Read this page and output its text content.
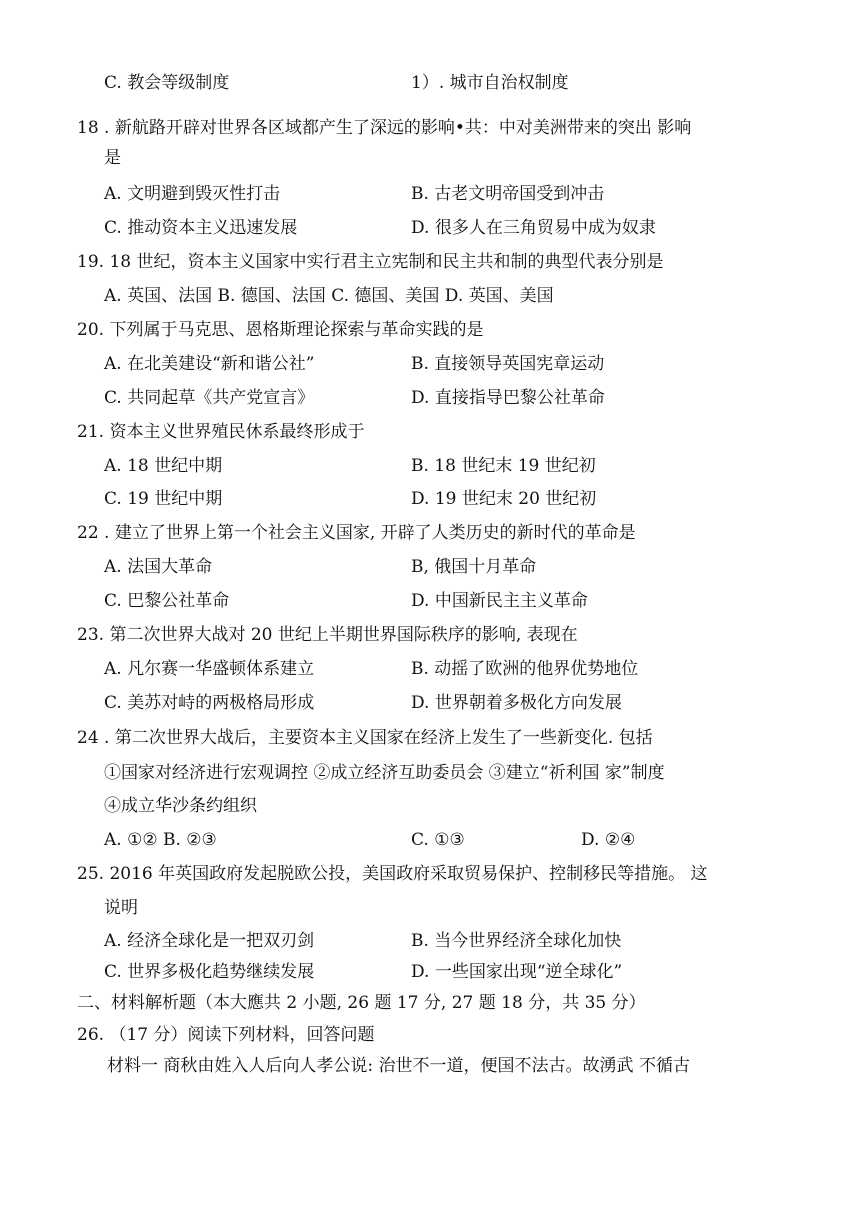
C. 教会等级制度	1）. 城市自治权制度
18 . 新航路开辟对世界各区域都产生了深远的影响•共：中对美洲带来的突出 影响
是
A. 文明避到毁灭性打击	B. 古老文明帝国受到冲击
C. 推动资本主义迅速发展	D. 很多人在三角贸易中成为奴隶
19. 18 世纪，资本主义国家中实行君主立宪制和民主共和制的典型代表分别是
A. 英国、法国 B. 德国、法国 C. 德国、美国 D. 英国、美国
20. 下列属于马克思、恩格斯理论探索与革命实践的是
A. 在北美建设“新和谐公社”	B. 直接领导英国宪章运动
C. 共同起草《共产党宣言》	D. 直接指导巴黎公社革命
21. 资本主义世界殖民休系最终形成于
A. 18 世纪中期	B. 18 世纪末 19 世纪初
C. 19 世纪中期	D. 19 世纪末 20 世纪初
22 . 建立了世界上第一个社会主义国家, 开辟了人类历史的新时代的革命是
A. 法国大革命	B, 俄国十月革命
C. 巴黎公社革命	D. 中国新民主主义革命
23. 第二次世界大战对 20 世纪上半期世界国际秩序的影响, 表现在
A. 凡尔赛一华盛顿体系建立	B. 动摇了欧洲的他界优势地位
C. 美苏对峙的两极格局形成	D. 世界朝着多极化方向发展
24 . 第二次世界大战后，主要资本主义国家在经济上发生了一些新变化. 包括
①国家对经济进行宏观调控 ②成立经济互助委员会 ③建立“祈利国 家”制度
④成立华沙条约组织
A. ①② B. ②③	C. ①③	D. ②④
25. 2016 年英国政府发起脱欧公投，美国政府采取贸易保护、控制移民等措施。 这
说明
A. 经济全球化是一把双刃剑	B. 当今世界经济全球化加快
C. 世界多极化趋势继续发展	D. 一些国家出现“逆全球化”
二、材料解析题（本大應共 2 小题, 26 题 17 分, 27 题 18 分，共 35 分）
26. （17 分）阅读下列材料，回答问题
材料一 商秋由姓入人后向人孝公说: 治世不一道，便国不法古。故湧武 不循古
